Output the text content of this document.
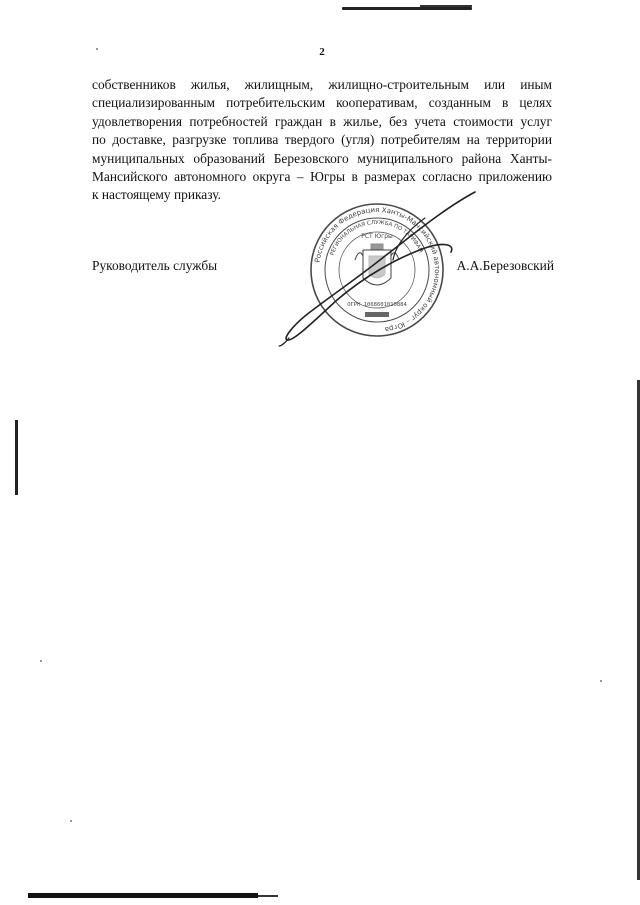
2
собственников жилья, жилищным, жилищно-строительным или иным
специализированным потребительским кооперативам, созданным в целях
удовлетворения потребностей граждан в жилье, без учета стоимости услуг
по доставке, разгрузке топлива твердого (угля) потребителям на территории
муниципальных образований Березовского муниципального района Ханты-
Мансийского автономного округа – Югры в размерах согласно приложению
к настоящему приказу.
Российская Федерация Ханты-Мансийский автономный округ – Югра
РЕГИОНАЛЬНАЯ СЛУЖБА ПО ТАРИФАМ
РСТ Югры
ОГРН 1068601010884
Руководитель службы	А.А.Березовский
